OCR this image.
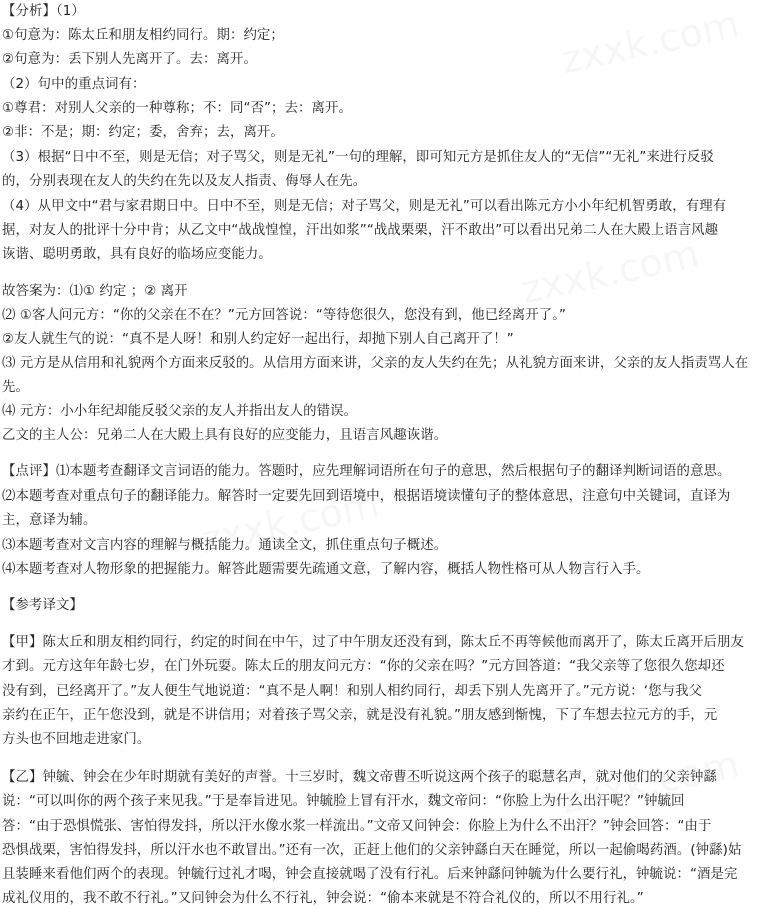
【分析】（1）
①句意为：陈太丘和朋友相约同行。期：约定；
②句意为：丢下别人先离开了。去：离开。
（2）句中的重点词有：
①尊君：对别人父亲的一种尊称；不：同“否”；去：离开。
②非：不是；期：约定；委，舍弃；去，离开。
（3）根据“日中不至，则是无信；对子骂父，则是无礼”一句的理解，即可知元方是抓住友人的“无信”“无礼”来进行反驳
的，分别表现在友人的失约在先以及友人指责、侮辱人在先。
（4）从甲文中“君与家君期日中。日中不至，则是无信；对子骂父，则是无礼”可以看出陈元方小小年纪机智勇敢，有理有
据，对友人的批评十分中肯；从乙文中“战战惶惶，汗出如浆”“战战栗栗，汗不敢出”可以看出兄弟二人在大殿上语言风趣
诙谐、聪明勇敢，具有良好的临场应变能力。
故答案为：⑴① 约定 ；② 离开
⑵ ①客人问元方：“你的父亲在不在？”元方回答说：“等待您很久，您没有到，他已经离开了。”
②友人就生气的说：“真不是人呀！和别人约定好一起出行，却抛下别人自己离开了！”
⑶ 元方是从信用和礼貌两个方面来反驳的。从信用方面来讲，父亲的友人失约在先；从礼貌方面来讲，父亲的友人指责骂人在
先。
⑷ 元方：小小年纪却能反驳父亲的友人并指出友人的错误。
乙文的主人公：兄弟二人在大殿上具有良好的应变能力，且语言风趣诙谐。
【点评】⑴本题考查翻译文言词语的能力。答题时，应先理解词语所在句子的意思，然后根据句子的翻译判断词语的意思。
⑵本题考查对重点句子的翻译能力。解答时一定要先回到语境中，根据语境读懂句子的整体意思，注意句中关键词，直译为
主，意译为辅。
⑶本题考查对文言内容的理解与概括能力。通读全文，抓住重点句子概述。
⑷本题考查对人物形象的把握能力。解答此题需要先疏通文意，了解内容，概括人物性格可从人物言行入手。
【参考译文】
【甲】陈太丘和朋友相约同行，约定的时间在中午，过了中午朋友还没有到，陈太丘不再等候他而离开了，陈太丘离开后朋友
才到。元方这年年龄七岁，在门外玩耍。陈太丘的朋友问元方：“你的父亲在吗？”元方回答道：“我父亲等了您很久您却还
没有到，已经离开了。”友人便生气地说道：“真不是人啊！和别人相约同行，却丢下别人先离开了。”元方说：‘您与我父
亲约在正午，正午您没到，就是不讲信用；对着孩子骂父亲，就是没有礼貌。”朋友感到惭愧，下了车想去拉元方的手，元
方头也不回地走进家门。
【乙】钟毓、钟会在少年时期就有美好的声誉。十三岁时，魏文帝曹丕听说这两个孩子的聪慧名声，就对他们的父亲钟繇
说：“可以叫你的两个孩子来见我。”于是奉旨进见。钟毓脸上冒有汗水，魏文帝问：“你脸上为什么出汗呢？”钟毓回
答：“由于恐惧慌张、害怕得发抖，所以汗水像水浆一样流出。”文帝又问钟会：你脸上为什么不出汗？”钟会回答：“由于
恐惧战栗，害怕得发抖，所以汗水也不敢冒出。”还有一次，正赶上他们的父亲钟繇白天在睡觉，所以一起偷喝药酒。(钟繇)姑
且装睡来看他们两个的表现。钟毓行过礼才喝，钟会直接就喝了没有行礼。后来钟繇问钟毓为什么要行礼，钟毓说：“酒是完
成礼仪用的，我不敢不行礼。”又问钟会为什么不行礼，钟会说：“偷本来就是不符合礼仪的，所以不用行礼。”
